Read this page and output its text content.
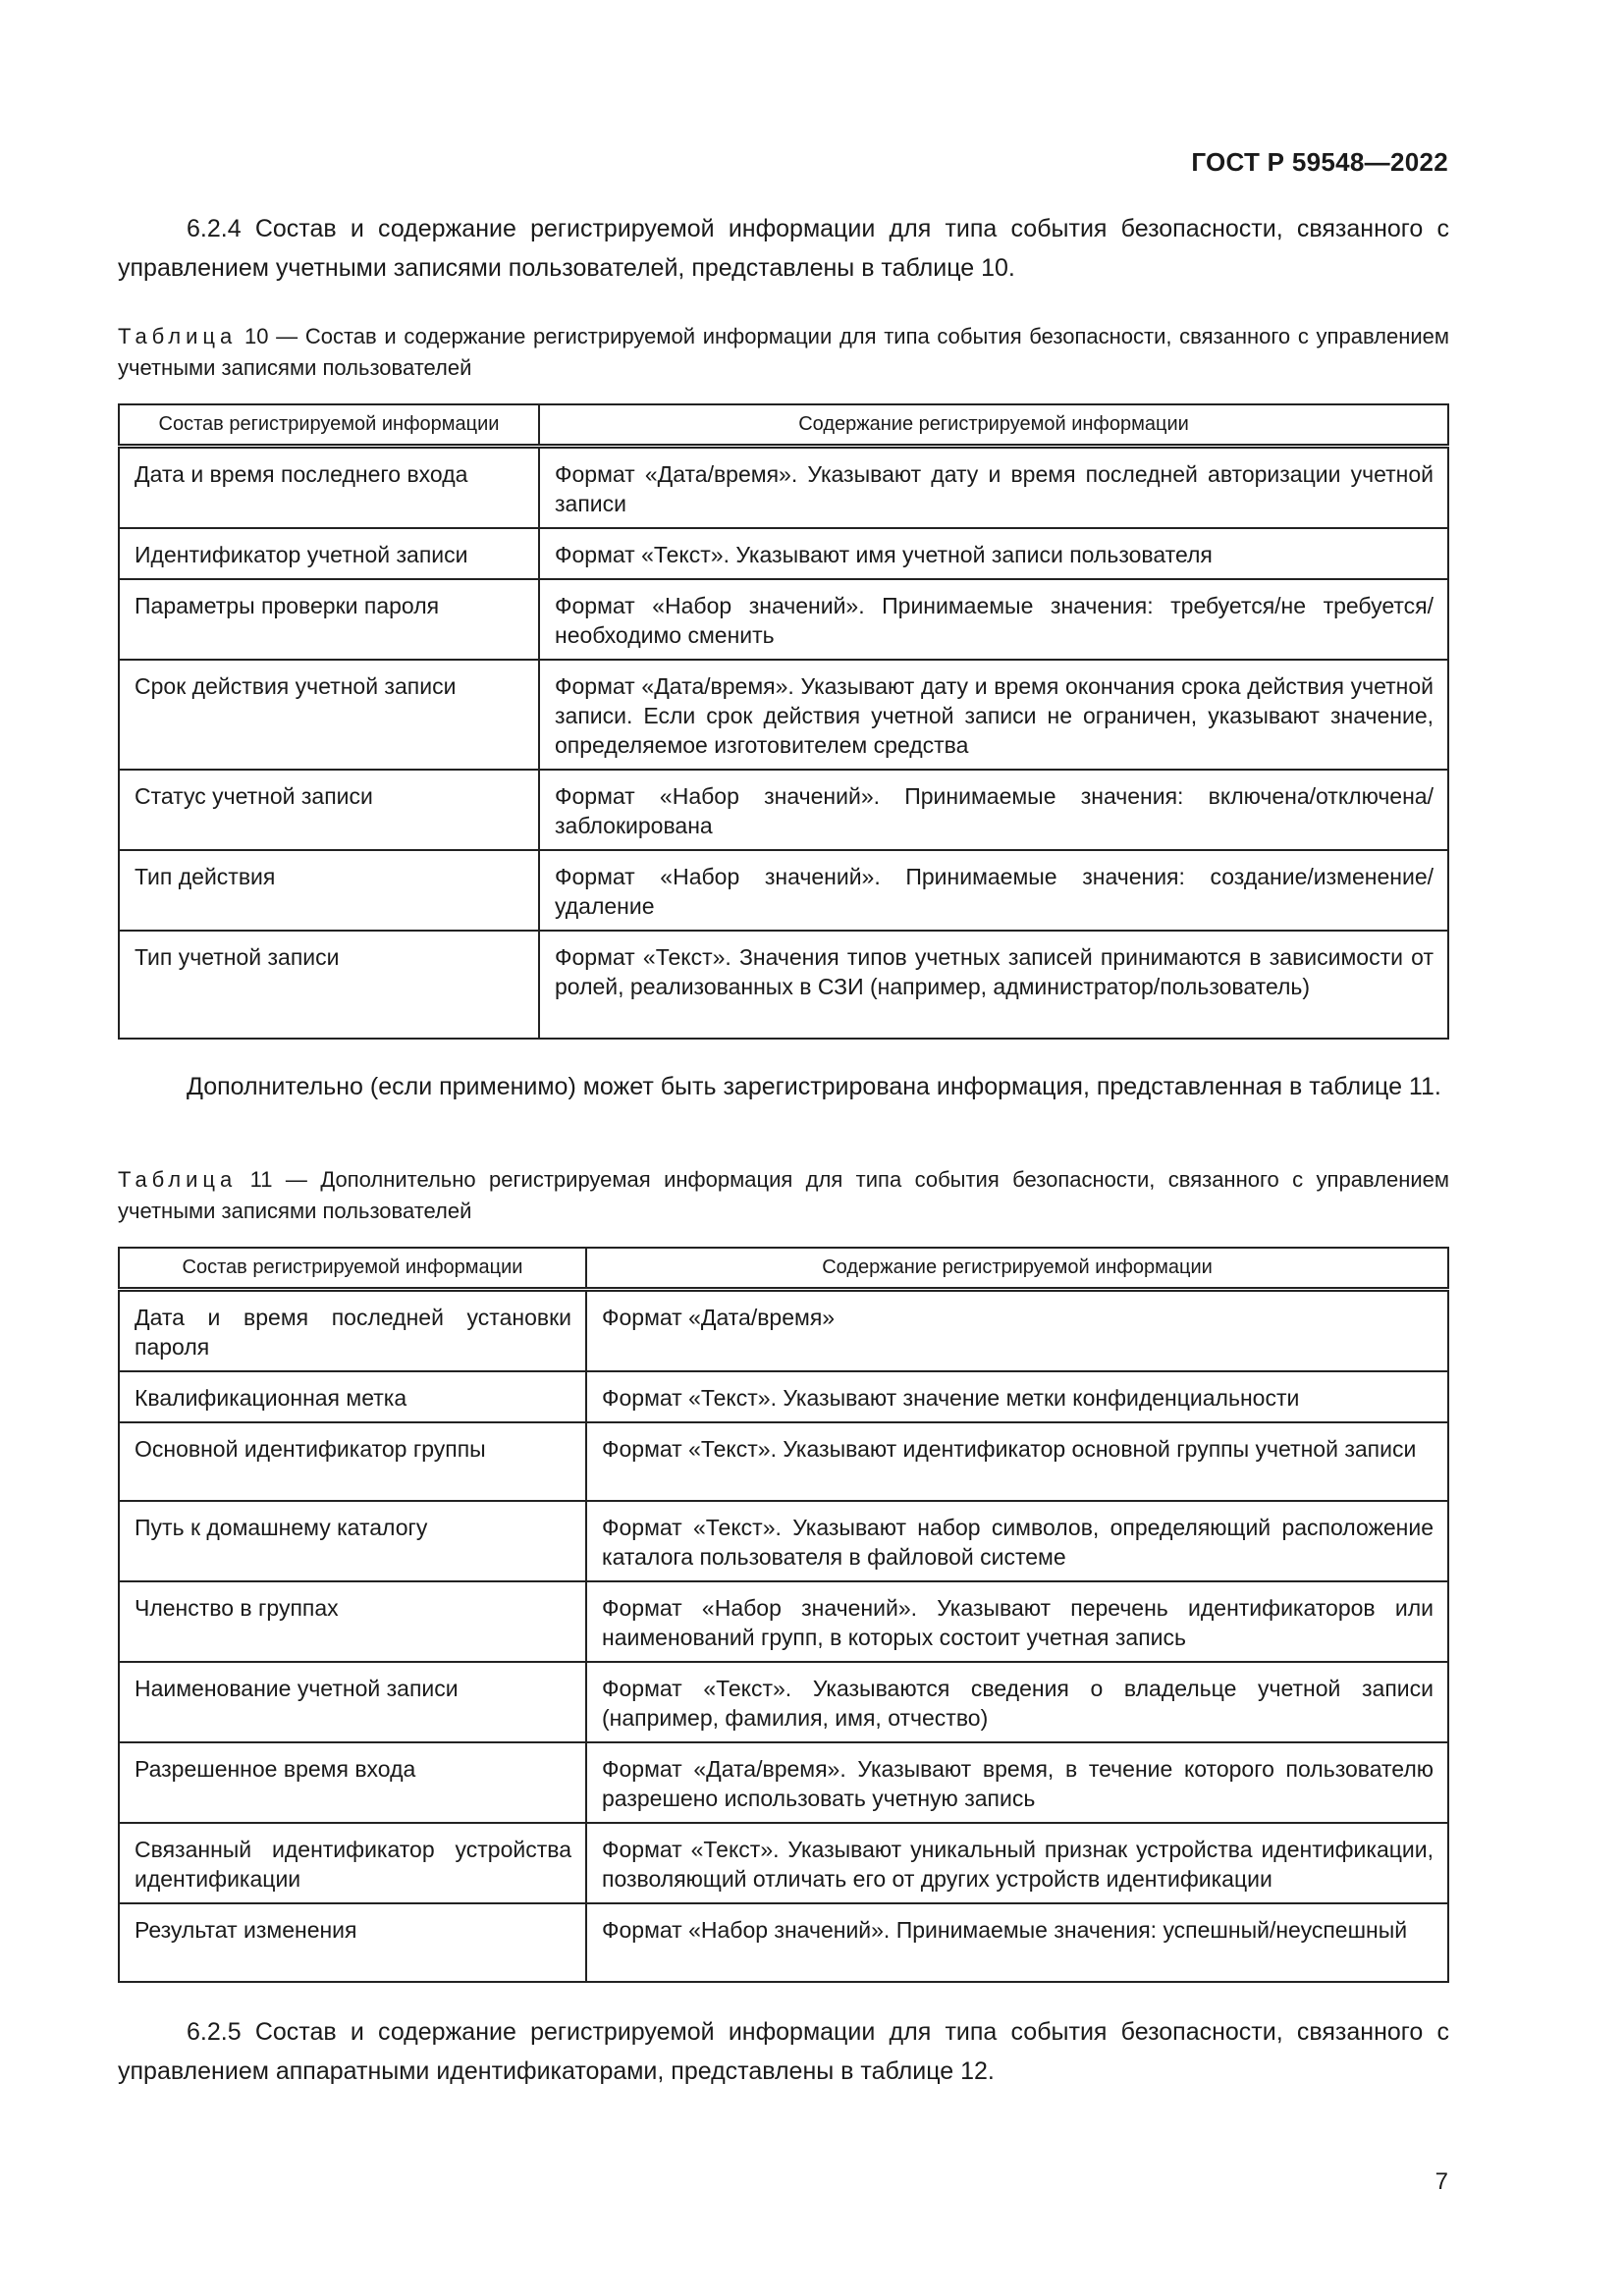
ГОСТ Р 59548—2022

6.2.4 Состав и содержание регистрируемой информации для типа события безопасности, связанного с управлением учетными записями пользователей, представлены в таблице 10.

Таблица 10 — Состав и содержание регистрируемой информации для типа события безопасности, связанного с управлением учетными записями пользователей
Состав регистрируемой информации	Содержание регистрируемой информации
Дата и время последнего входа	Формат «Дата/время». Указывают дату и время последней авторизации учетной записи
Идентификатор учетной записи	Формат «Текст». Указывают имя учетной записи пользователя
Параметры проверки пароля	Формат «Набор значений». Принимаемые значения: требуется/не требуется/необходимо сменить
Срок действия учетной записи	Формат «Дата/время». Указывают дату и время окончания срока действия учетной записи. Если срок действия учетной записи не ограничен, указывают значение, определяемое изготовителем средства
Статус учетной записи	Формат «Набор значений». Принимаемые значения: включена/отключена/заблокирована
Тип действия	Формат «Набор значений». Принимаемые значения: создание/изменение/удаление
Тип учетной записи	Формат «Текст». Значения типов учетных записей принимаются в зависимости от ролей, реализованных в СЗИ (например, администратор/пользователь)

Дополнительно (если применимо) может быть зарегистрирована информация, представленная в таблице 11.

Таблица 11 — Дополнительно регистрируемая информация для типа события безопасности, связанного с управлением учетными записями пользователей
Состав регистрируемой информации	Содержание регистрируемой информации
Дата и время последней установки пароля	Формат «Дата/время»
Квалификационная метка	Формат «Текст». Указывают значение метки конфиденциальности
Основной идентификатор группы	Формат «Текст». Указывают идентификатор основной группы учетной записи
Путь к домашнему каталогу	Формат «Текст». Указывают набор символов, определяющий расположение каталога пользователя в файловой системе
Членство в группах	Формат «Набор значений». Указывают перечень идентификаторов или наименований групп, в которых состоит учетная запись
Наименование учетной записи	Формат «Текст». Указываются сведения о владельце учетной записи (например, фамилия, имя, отчество)
Разрешенное время входа	Формат «Дата/время». Указывают время, в течение которого пользователю разрешено использовать учетную запись
Связанный идентификатор устройства идентификации	Формат «Текст». Указывают уникальный признак устройства идентификации, позволяющий отличать его от других устройств идентификации
Результат изменения	Формат «Набор значений». Принимаемые значения: успешный/неуспешный

6.2.5 Состав и содержание регистрируемой информации для типа события безопасности, связанного с управлением аппаратными идентификаторами, представлены в таблице 12.

7
